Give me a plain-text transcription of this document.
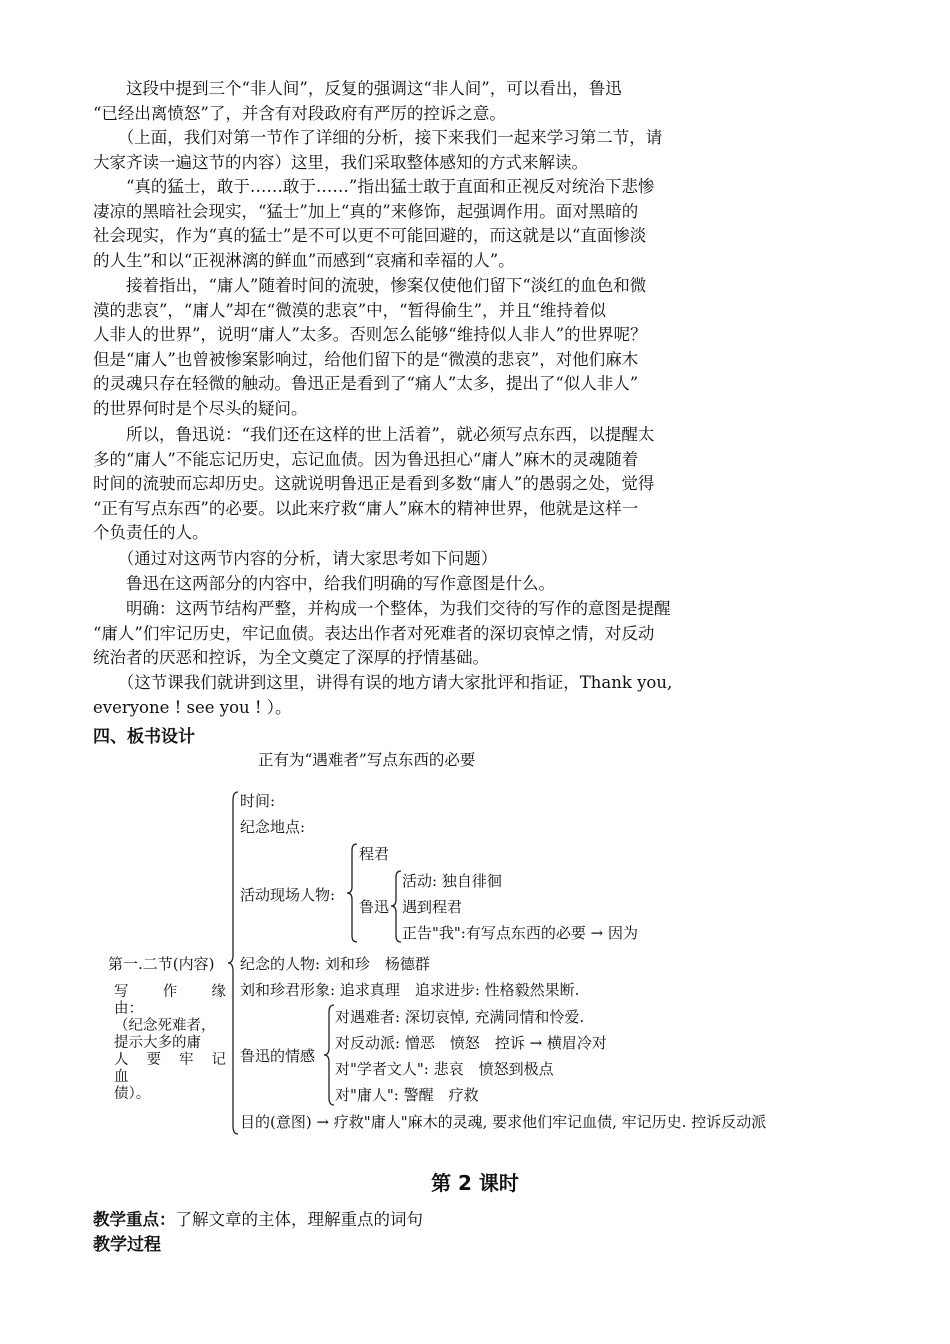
　　这段中提到三个“非人间”，反复的强调这“非人间”，可以看出，鲁迅
“已经出离愤怒”了，并含有对段政府有严厉的控诉之意。
　　（上面，我们对第一节作了详细的分析，接下来我们一起来学习第二节，请
大家齐读一遍这节的内容）这里，我们采取整体感知的方式来解读。
　　“真的猛士，敢于……敢于……”指出猛士敢于直面和正视反对统治下悲惨
凄凉的黑暗社会现实，“猛士”加上“真的”来修饰，起强调作用。面对黑暗的
社会现实，作为“真的猛士”是不可以更不可能回避的，而这就是以“直面惨淡
的人生”和以“正视淋漓的鲜血”而感到“哀痛和幸福的人”。
　　接着指出，“庸人”随着时间的流驶，惨案仅使他们留下“淡红的血色和微
漠的悲哀”，“庸人”却在“微漠的悲哀”中，“暂得偷生”，并且“维持着似
人非人的世界”，说明“庸人”太多。否则怎么能够“维持似人非人”的世界呢？
但是“庸人”也曾被惨案影响过，给他们留下的是“微漠的悲哀”，对他们麻木
的灵魂只存在轻微的触动。鲁迅正是看到了“痛人”太多，提出了“似人非人”
的世界何时是个尽头的疑问。
　　所以，鲁迅说：“我们还在这样的世上活着”，就必须写点东西，以提醒太
多的“庸人”不能忘记历史，忘记血债。因为鲁迅担心“庸人”麻木的灵魂随着
时间的流驶而忘却历史。这就说明鲁迅正是看到多数“庸人”的愚弱之处，觉得
“正有写点东西”的必要。以此来疗救“庸人”麻木的精神世界，他就是这样一
个负责任的人。
　　（通过对这两节内容的分析，请大家思考如下问题）
　　鲁迅在这两部分的内容中，给我们明确的写作意图是什么。
　　明确：这两节结构严整，并构成一个整体，为我们交待的写作的意图是提醒
“庸人”们牢记历史，牢记血债。表达出作者对死难者的深切哀悼之情，对反动
统治者的厌恶和控诉，为全文奠定了深厚的抒情基础。
　　（这节课我们就讲到这里，讲得有误的地方请大家批评和指证，Thank you,
everyone ! see you ! ）。
四、板书设计
正有为“遇难者”写点东西的必要
第一.二节(内容)
写　作　缘　由：
（纪念死难者，
提示大多的庸
人　要　牢　记　血
债）。
时间:
纪念地点:
程君
活动现场人物:
鲁迅
活动: 独自徘徊
遇到程君
正告"我":有写点东西的必要 → 因为
纪念的人物: 刘和珍　杨德群
刘和珍君形象: 追求真理　追求进步: 性格毅然果断.
对遇难者: 深切哀悼, 充满同情和怜爱.
对反动派: 憎恶　愤怒　控诉 → 横眉冷对
鲁迅的情感
对"学者文人": 悲哀　愤怒到极点
对"庸人": 警醒　疗救
目的(意图) → 疗救"庸人"麻木的灵魂, 要求他们牢记血债, 牢记历史. 控诉反动派
第 2 课时
教学重点：了解文章的主体，理解重点的词句
教学过程
